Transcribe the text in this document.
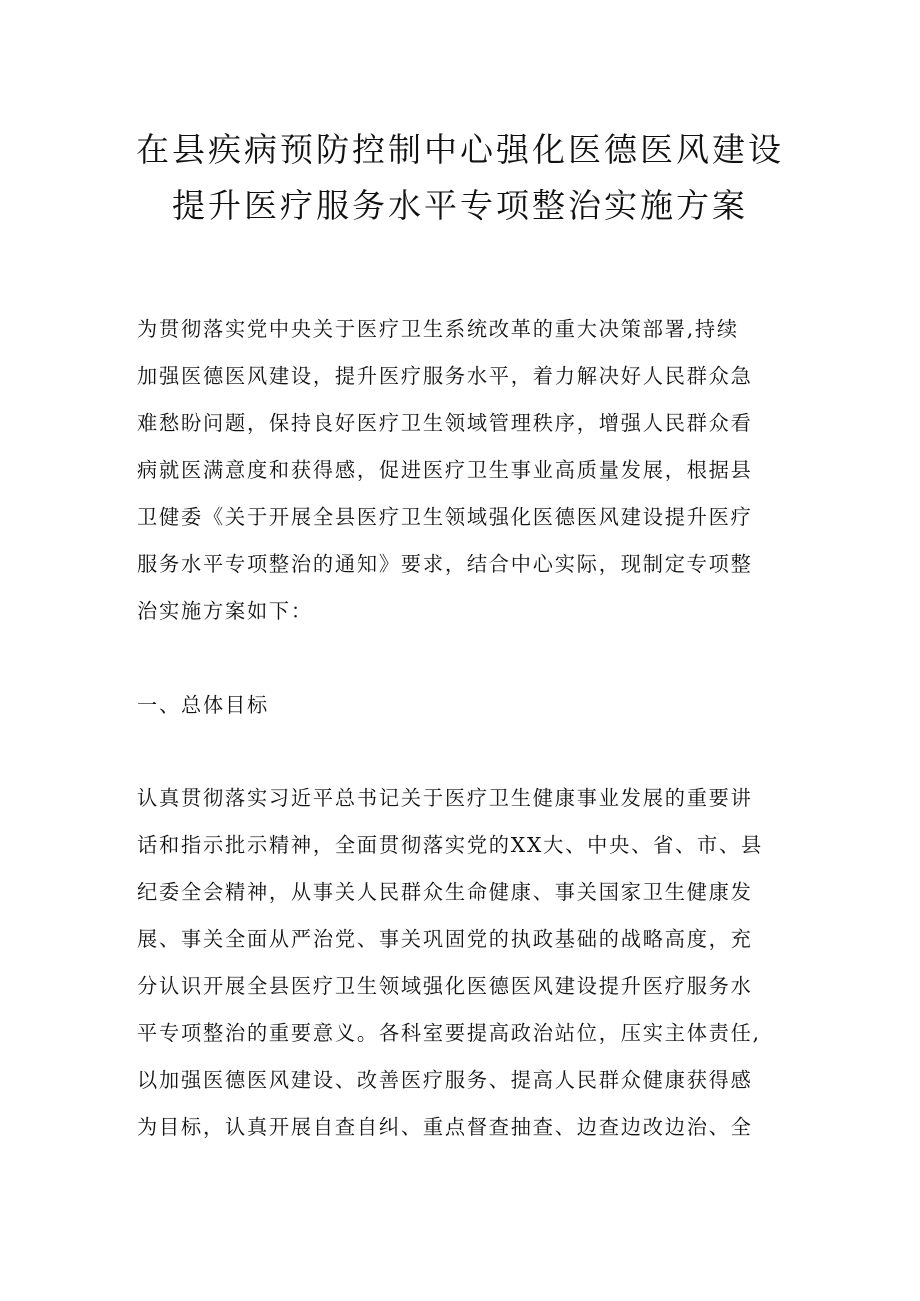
在县疾病预防控制中心强化医德医风建设
提升医疗服务水平专项整治实施方案
为贯彻落实党中央关于医疗卫生系统改革的重大决策部署,持续
加强医德医风建设，提升医疗服务水平，着力解决好人民群众急
难愁盼问题，保持良好医疗卫生领域管理秩序，增强人民群众看
病就医满意度和获得感，促进医疗卫生事业高质量发展，根据县
卫健委《关于开展全县医疗卫生领域强化医德医风建设提升医疗
服务水平专项整治的通知》要求，结合中心实际，现制定专项整
治实施方案如下：
一、总体目标
认真贯彻落实习近平总书记关于医疗卫生健康事业发展的重要讲
话和指示批示精神，全面贯彻落实党的XX大、中央、省、市、县
纪委全会精神，从事关人民群众生命健康、事关国家卫生健康发
展、事关全面从严治党、事关巩固党的执政基础的战略高度，充
分认识开展全县医疗卫生领域强化医德医风建设提升医疗服务水
平专项整治的重要意义。各科室要提高政治站位，压实主体责任,
以加强医德医风建设、改善医疗服务、提高人民群众健康获得感
为目标，认真开展自查自纠、重点督查抽查、边查边改边治、全
